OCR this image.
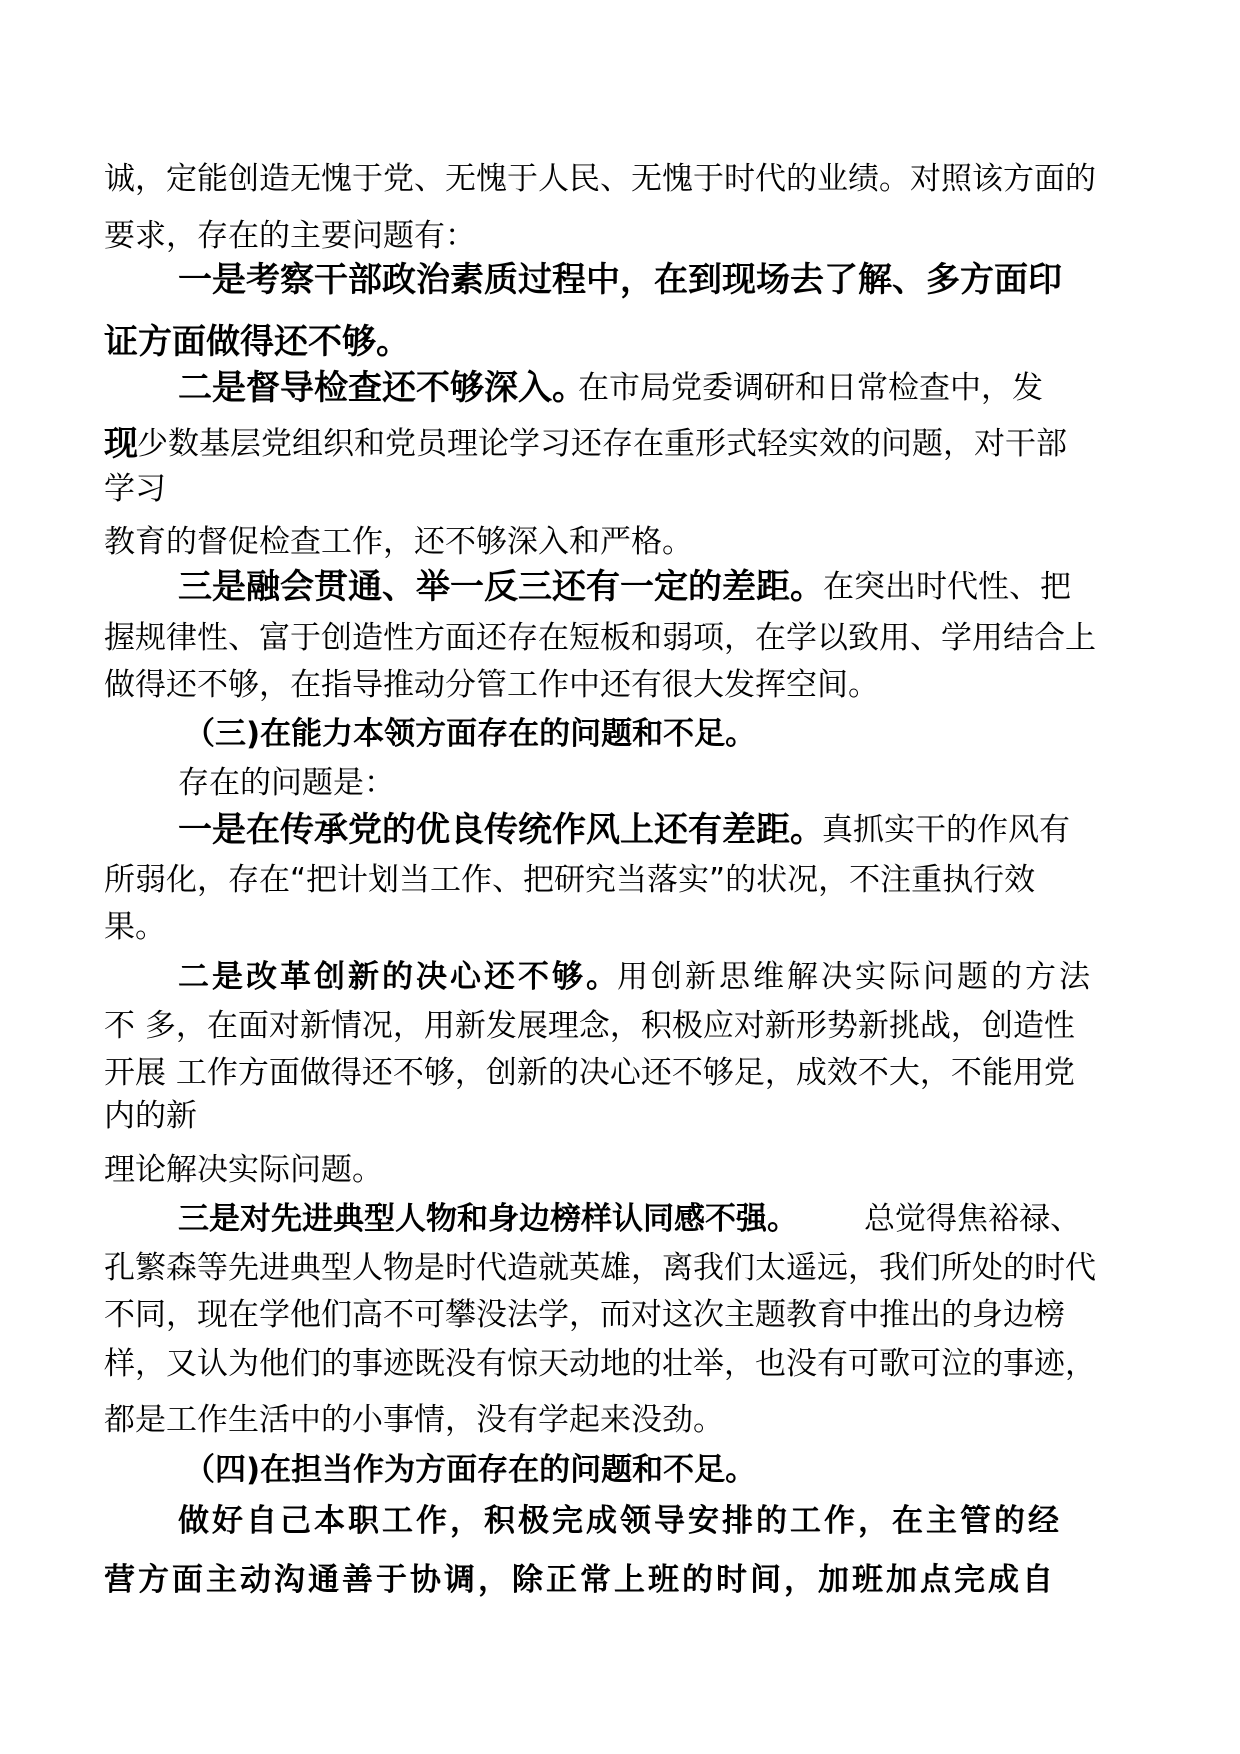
诚，定能创造无愧于党、无愧于人民、无愧于时代的业绩。对照该方面的
要求，存在的主要问题有：
一是考察干部政治素质过程中，在到现场去了解、多方面印
证方面做得还不够。
二是督导检查还不够深入。
在市局党委调研和日常检查中，发
现 少数基层党组织和党员理论学习还存在重形式轻实效的问题，对干部
学习
教育的督促检查工作，还不够深入和严格。
三是融会贯通、举一反三还有一定的差距。 在突出时代性、把
握规律性、富于创造性方面还存在短板和弱项，在学以致用、学用结合上
做得还不够，在指导推动分管工作中还有很大发挥空间。
（三)在能力本领方面存在的问题和不足。
存在的问题是：
一是在传承党的优良传统作风上还有差距。
真抓实干的作风有
所弱化，存在“把计划当工作、把研究当落实”的状况，不注重执行效
果。
二是改革创新的决心还不够。
用创新思维解决实际问题的方法
不 多，在面对新情况，用新发展理念，积极应对新形势新挑战，创造性
开展 工作方面做得还不够，创新的决心还不够足，成效不大，不能用党
内的新
理论解决实际问题。
三是对先进典型人物和身边榜样认同感不强。 总觉得焦裕禄、
孔繁森等先进典型人物是时代造就英雄，离我们太遥远，我们所处的时代
不同，现在学他们高不可攀没法学，而对这次主题教育中推出的身边榜
样，又认为他们的事迹既没有惊天动地的壮举，也没有可歌可泣的事迹，
都是工作生活中的小事情，没有学起来没劲。
（四)在担当作为方面存在的问题和不足。
做好自己本职工作，积极完成领导安排的工作，在主管的经
营方面主动沟通善于协调，除正常上班的时间，加班加点完成自
